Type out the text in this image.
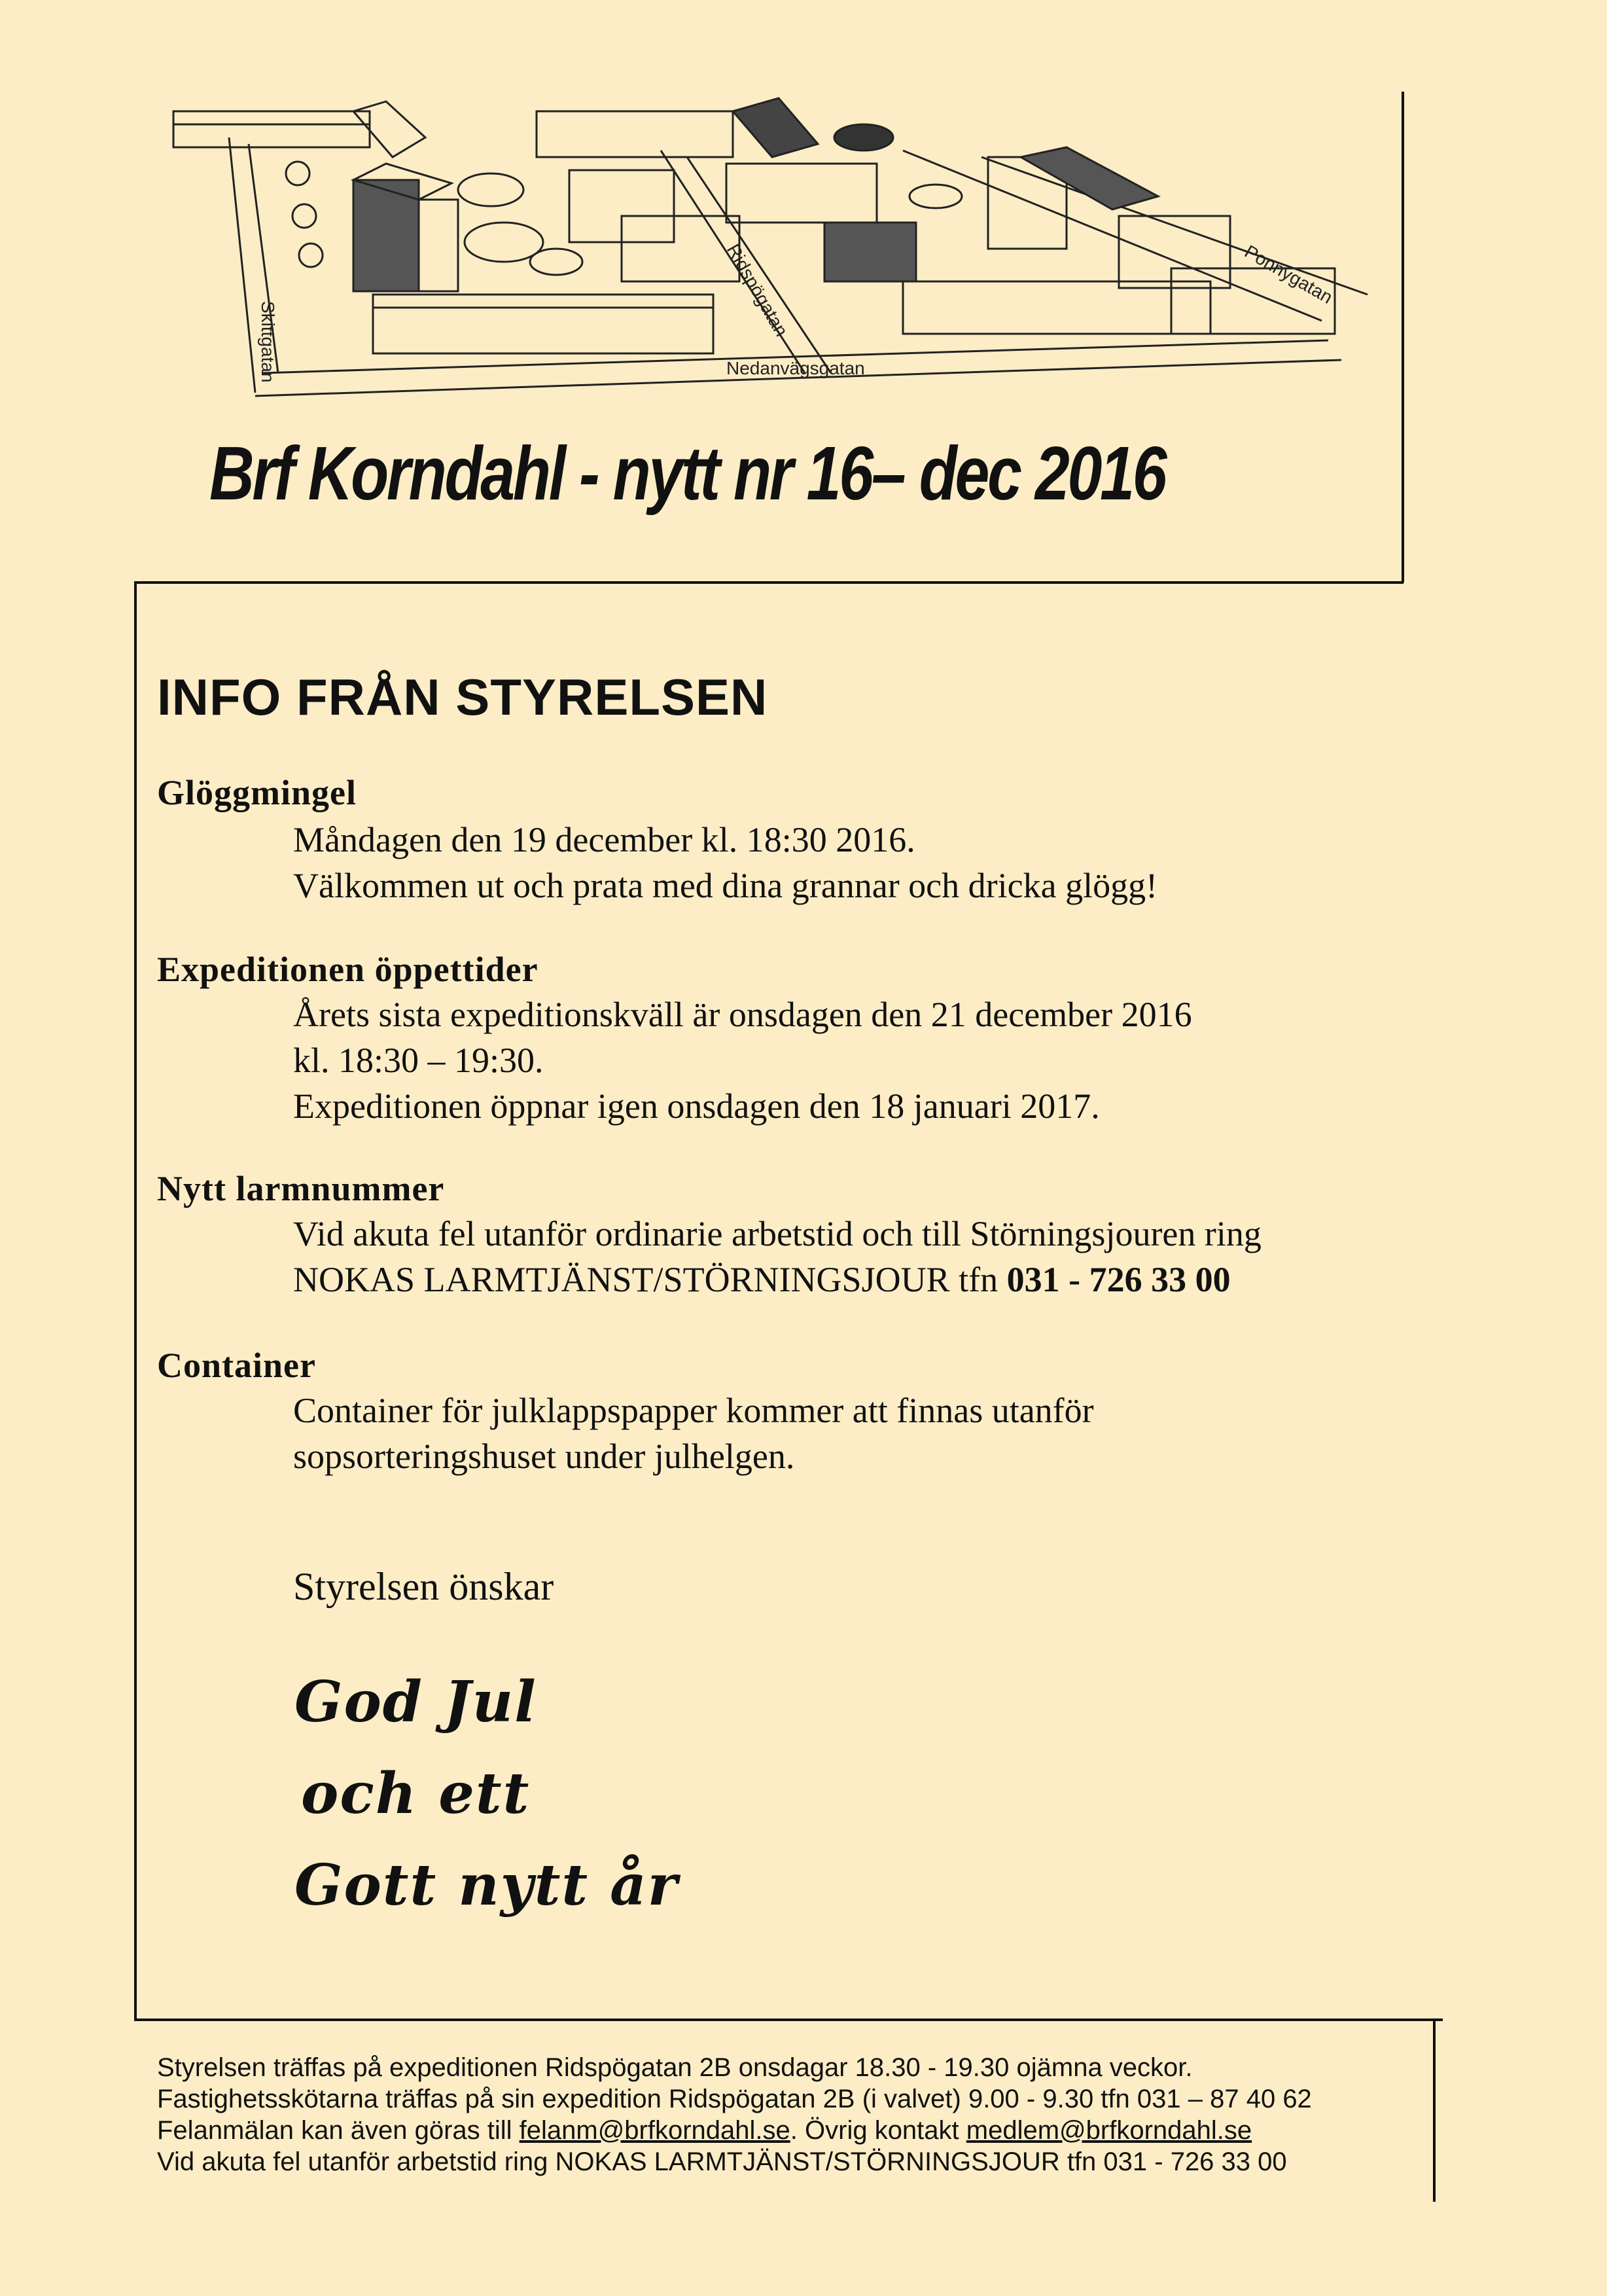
Skittgatan
Ridspögatan
Nedanvägsgatan
Ponnygatan
Brf Korndahl - nytt nr 16– dec 2016
INFO FRÅN STYRELSEN
Glöggmingel
Måndagen den 19 december kl. 18:30 2016.
Välkommen ut och prata med dina grannar och dricka glögg!
Expeditionen öppettider
Årets sista expeditionskväll är onsdagen den 21 december 2016
kl. 18:30 – 19:30.
Expeditionen öppnar igen onsdagen den 18 januari 2017.
Nytt larmnummer
Vid akuta fel utanför ordinarie arbetstid och till Störningsjouren ring
NOKAS LARMTJÄNST/STÖRNINGSJOUR tfn 031 - 726 33 00
Container
Container för julklappspapper kommer att finnas utanför
sopsorteringshuset under julhelgen.
Styrelsen önskar
God Jul
och ett
Gott nytt år
Styrelsen träffas på expeditionen Ridspögatan 2B onsdagar 18.30 - 19.30 ojämna veckor.
Fastighetsskötarna träffas på sin expedition Ridspögatan 2B (i valvet) 9.00 - 9.30 tfn 031 – 87 40 62
Felanmälan kan även göras till felanm@brfkorndahl.se. Övrig kontakt medlem@brfkorndahl.se
Vid akuta fel utanför arbetstid ring NOKAS LARMTJÄNST/STÖRNINGSJOUR tfn 031 - 726 33 00
